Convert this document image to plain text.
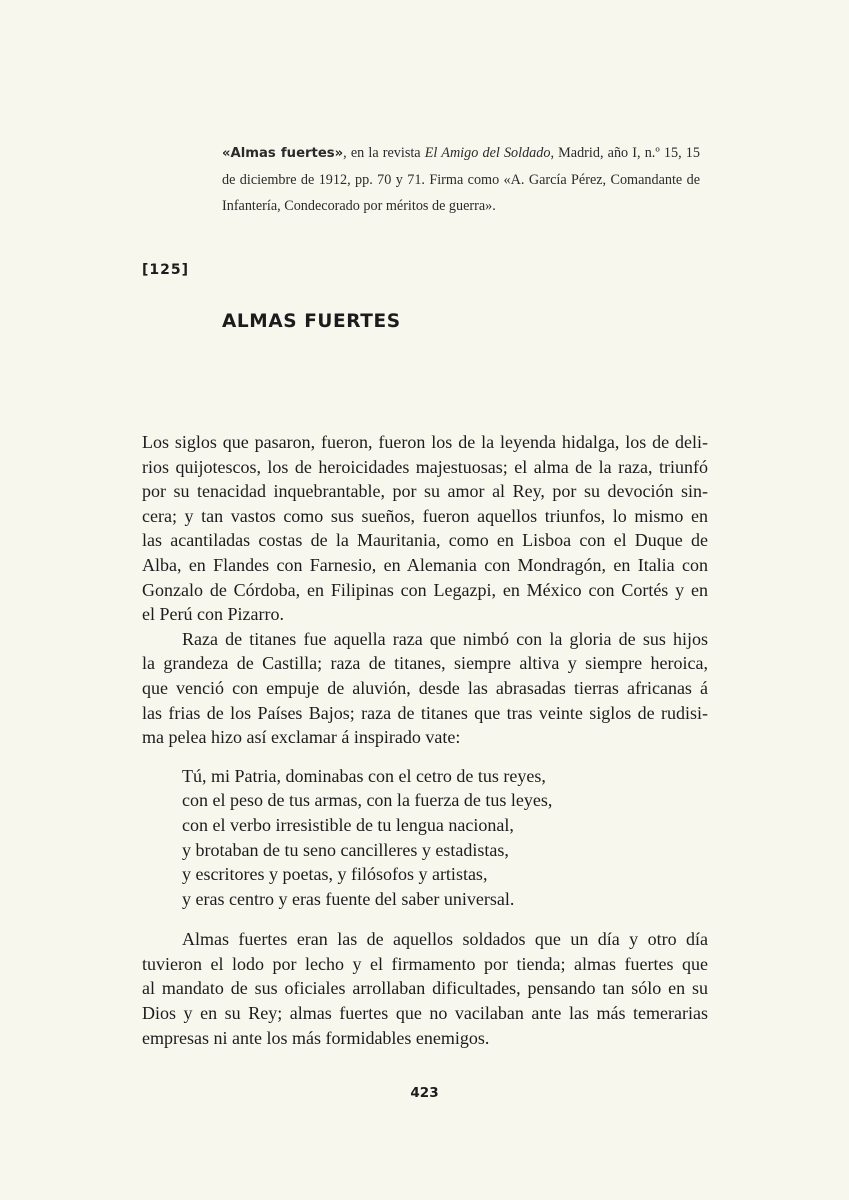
«Almas fuertes», en la revista El Amigo del Soldado, Madrid, año I, n.º 15, 15 de diciembre de 1912, pp. 70 y 71. Firma como «A. García Pérez, Comandante de Infantería, Condecorado por méritos de guerra».
[125]
ALMAS FUERTES
Los siglos que pasaron, fueron, fueron los de la leyenda hidalga, los de deli-
rios quijotescos, los de heroicidades majestuosas; el alma de la raza, triunfó
por su tenacidad inquebrantable, por su amor al Rey, por su devoción sin-
cera; y tan vastos como sus sueños, fueron aquellos triunfos, lo mismo en
las acantiladas costas de la Mauritania, como en Lisboa con el Duque de
Alba, en Flandes con Farnesio, en Alemania con Mondragón, en Italia con
Gonzalo de Córdoba, en Filipinas con Legazpi, en México con Cortés y en
el Perú con Pizarro.
Raza de titanes fue aquella raza que nimbó con la gloria de sus hijos
la grandeza de Castilla; raza de titanes, siempre altiva y siempre heroica,
que venció con empuje de aluvión, desde las abrasadas tierras africanas á
las frias de los Países Bajos; raza de titanes que tras veinte siglos de rudisi-
ma pelea hizo así exclamar á inspirado vate:
Tú, mi Patria, dominabas con el cetro de tus reyes,
con el peso de tus armas, con la fuerza de tus leyes,
con el verbo irresistible de tu lengua nacional,
y brotaban de tu seno cancilleres y estadistas,
y escritores y poetas, y filósofos y artistas,
y eras centro y eras fuente del saber universal.
Almas fuertes eran las de aquellos soldados que un día y otro día
tuvieron el lodo por lecho y el firmamento por tienda; almas fuertes que
al mandato de sus oficiales arrollaban dificultades, pensando tan sólo en su
Dios y en su Rey; almas fuertes que no vacilaban ante las más temerarias
empresas ni ante los más formidables enemigos.
423
